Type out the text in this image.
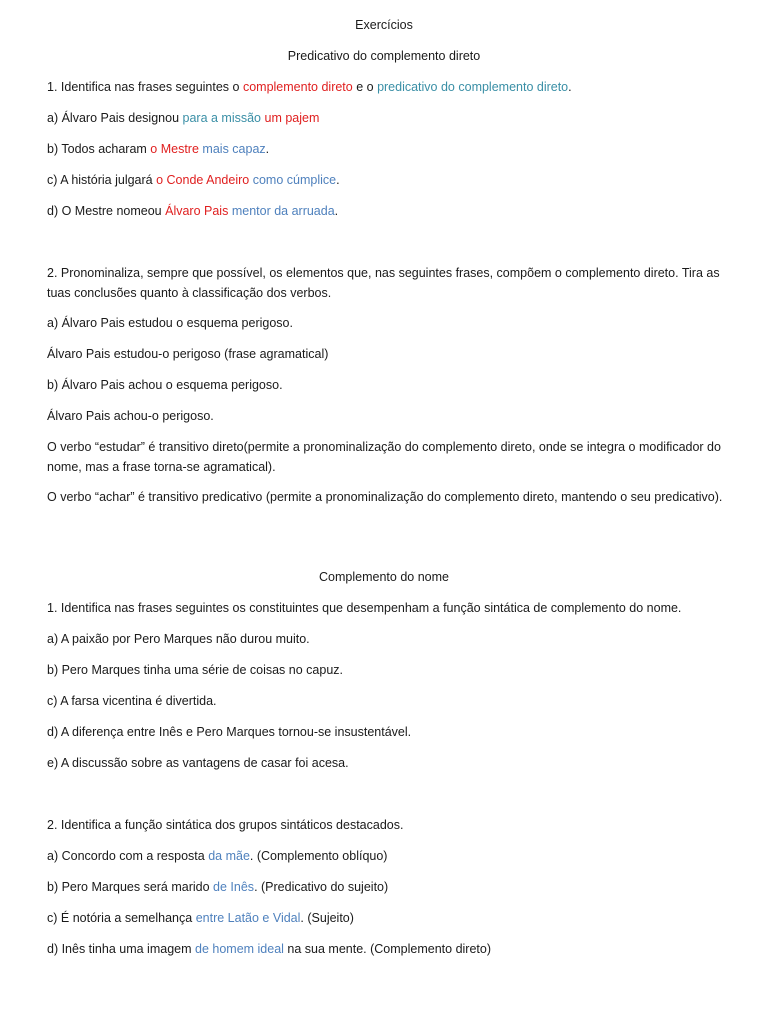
Exercícios

Predicativo do complemento direto

1. Identifica nas frases seguintes o complemento direto e o predicativo do complemento direto.

a) Álvaro Pais designou para a missão um pajem

b) Todos acharam o Mestre mais capaz.

c) A história julgará o Conde Andeiro como cúmplice.

d) O Mestre nomeou Álvaro Pais mentor da arruada.

2. Pronominaliza, sempre que possível, os elementos que, nas seguintes frases, compõem o complemento direto. Tira as tuas conclusões quanto à classificação dos verbos.

a) Álvaro Pais estudou o esquema perigoso.

Álvaro Pais estudou-o perigoso (frase agramatical)

b) Álvaro Pais achou o esquema perigoso.

Álvaro Pais achou-o perigoso.

O verbo “estudar” é transitivo direto(permite a pronominalização do complemento direto, onde se integra o modificador do nome, mas a frase torna-se agramatical).

O verbo “achar” é transitivo predicativo (permite a pronominalização do complemento direto, mantendo o seu predicativo).

Complemento do nome

1. Identifica nas frases seguintes os constituintes que desempenham a função sintática de complemento do nome.

a) A paixão por Pero Marques não durou muito.

b) Pero Marques tinha uma série de coisas no capuz.

c) A farsa vicentina é divertida.

d) A diferença entre Inês e Pero Marques tornou-se insustentável.

e) A discussão sobre as vantagens de casar foi acesa.

2. Identifica a função sintática dos grupos sintáticos destacados.

a) Concordo com a resposta da mãe. (Complemento oblíquo)

b) Pero Marques será marido de Inês. (Predicativo do sujeito)

c) É notória a semelhança entre Latão e Vidal. (Sujeito)

d) Inês tinha uma imagem de homem ideal na sua mente. (Complemento direto)
